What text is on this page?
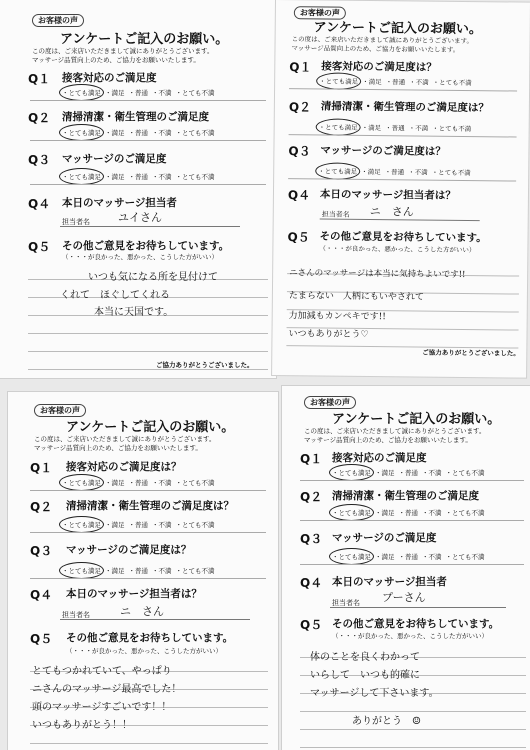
お客様の声
アンケートご記入のお願い。
この度は、ご来店いただきまして誠にありがとうございます。
マッサージ品質向上のため、ご協力をお願いいたします。
Q１ 接客対応のご満足度
・とても満足 ・満足 ・普通 ・不満 ・とても不満
Q２ 清掃清潔・衛生管理のご満足度
・とても満足 ・満足 ・普通 ・不満 ・とても不満
Q３ マッサージのご満足度
・とても満足 ・満足 ・普通 ・不満 ・とても不満
Q４ 本日のマッサージ担当者
担当者名	ユイさん
Q５ その他ご意見をお待ちしています。
（・・・が良かった、悪かった、こうした方がいい）
いつも気になる所を見付けて
くれて　ほぐしてくれる
本当に天国です。
ご協力ありがとうございました。
お客様の声
アンケートご記入のお願い。
この度は、ご来店いただきまして誠にありがとうございます。
マッサージ品質向上のため、ご協力をお願いいたします。
Q１ 接客対応のご満足度は？
・とても満足 ・満足 ・普通 ・不満 ・とても不満
Q２ 清掃清潔・衛生管理のご満足度は？
・とても満足 ・満足 ・普通 ・不満 ・とても不満
Q３ マッサージのご満足度は？
・とても満足 ・満足 ・普通 ・不満 ・とても不満
Q４ 本日のマッサージ担当者は？
担当者名 ニ　さん
Q５ その他ご意見をお待ちしています。
（・・・が良かった、悪かった、こうした方がいい）
ニさんのマッサージは本当に気持ちよいです!!
たまらない　人柄にもいやされて
力加減もカンペキです!!
いつもありがとう♡
ご協力ありがとうございました。
お客様の声
アンケートご記入のお願い。
この度は、ご来店いただきまして誠にありがとうございます。
マッサージ品質向上のため、ご協力をお願いいたします。
Q１ 接客対応のご満足度は？
・とても満足 ・満足 ・普通 ・不満 ・とても不満
Q２ 清掃清潔・衛生管理のご満足度は？
・とても満足 ・満足 ・普通 ・不満 ・とても不満
Q３ マッサージのご満足度は？
・とても満足 ・満足 ・普通 ・不満 ・とても不満
Q４ 本日のマッサージ担当者は？
担当者名	ニ　さん
Q５ その他ご意見をお待ちしています。
（・・・が良かった、悪かった、こうした方がいい）
とてもつかれていて、やっぱり
ニさんのマッサージ最高でした！
頭のマッサージすごいです！！
いつもありがとう！！
お客様の声
アンケートご記入のお願い。
この度は、ご来店いただきまして誠にありがとうございます。
マッサージ品質向上のため、ご協力をお願いいたします。
Q１ 接客対応のご満足度
・とても満足 ・満足 ・普通 ・不満 ・とても不満
Q２ 清掃清潔・衛生管理のご満足度
・とても満足 ・満足 ・普通 ・不満 ・とても不満
Q３ マッサージのご満足度
・とても満足 ・満足 ・普通 ・不満 ・とても不満
Q４ 本日のマッサージ担当者
担当者名 プーさん
Q５ その他ご意見をお待ちしています。
（・・・が良かった、悪かった、こうした方がいい）
体のことを良くわかって
いらして　いつも的確に
マッサージして下さいます。
ありがとう　☺
